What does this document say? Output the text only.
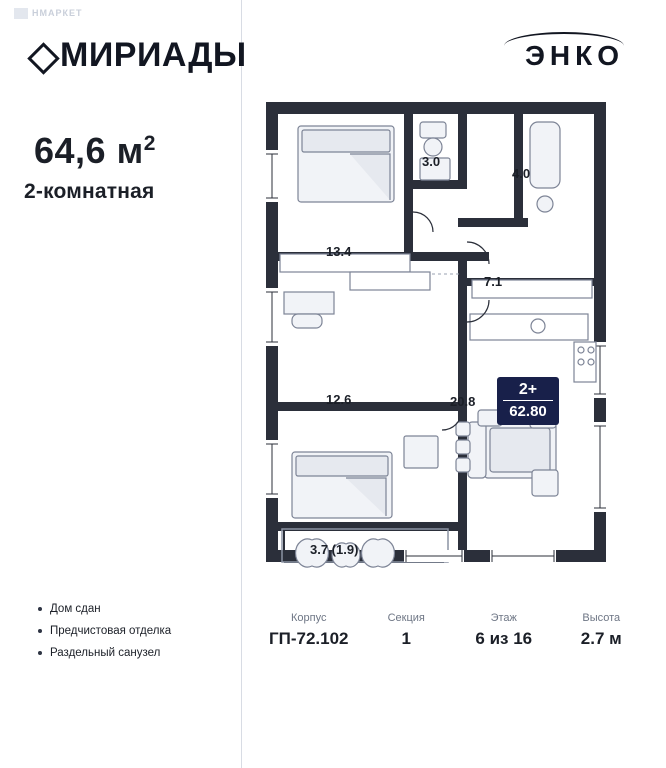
НМАРКЕТ
МИРИАДЫ
64,6 $м^2$
2-комнатная
Дом сдан
Предчистовая отделка
Раздельный санузел
ЭНКО
13.4
3.0
4.0
7.1
12.6	20.8
3.7 (1.9)
2+
62.80
Корпус
ГП-72.102
Секция
1
Этаж
6 из 16
Высота
2.7 м
